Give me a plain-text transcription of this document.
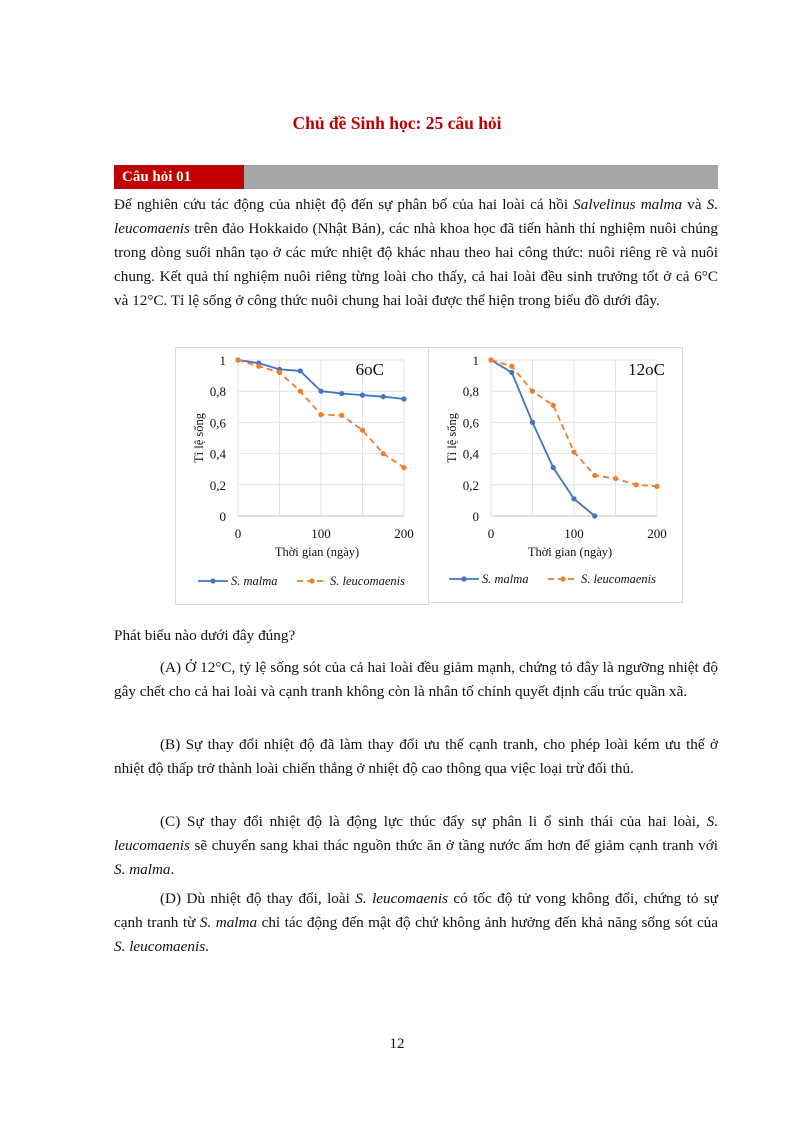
Chủ đề Sinh học: 25 câu hỏi
Câu hỏi 01

Để nghiên cứu tác động của nhiệt độ đến sự phân bố của hai loài cá hồi Salvelinus malma và S. leucomaenis trên đảo Hokkaido (Nhật Bản), các nhà khoa học đã tiến hành thí nghiệm nuôi chúng trong dòng suối nhân tạo ở các mức nhiệt độ khác nhau theo hai công thức: nuôi riêng rẽ và nuôi chung. Kết quả thí nghiệm nuôi riêng từng loài cho thấy, cả hai loài đều sinh trưởng tốt ở cả 6°C và 12°C. Tỉ lệ sống ở công thức nuôi chung hai loài được thể hiện trong biểu đồ dưới đây.

0
0,2
0,4
0,6
0,8
1
0	100	200
Thời gian (ngày)
Tỉ lệ sống
6oC
S. malma	S. leucomaenis
0
0,2
0,4
0,6
0,8
1
0	100	200
Thời gian (ngày)
Tỉ lệ sống
12oC
S. malma	S. leucomaenis

Phát biểu nào dưới đây đúng?

(A) Ở 12°C, tỷ lệ sống sót của cả hai loài đều giảm mạnh, chứng tỏ đây là ngưỡng nhiệt độ gây chết cho cả hai loài và cạnh tranh không còn là nhân tố chính quyết định cấu trúc quần xã.

(B) Sự thay đổi nhiệt độ đã làm thay đổi ưu thế cạnh tranh, cho phép loài kém ưu thế ở nhiệt độ thấp trở thành loài chiến thắng ở nhiệt độ cao thông qua việc loại trừ đối thủ.

(C) Sự thay đổi nhiệt độ là động lực thúc đẩy sự phân li ổ sinh thái của hai loài, S. leucomaenis sẽ chuyển sang khai thác nguồn thức ăn ở tầng nước ấm hơn để giảm cạnh tranh với S. malma.

(D) Dù nhiệt độ thay đổi, loài S. leucomaenis có tốc độ tử vong không đổi, chứng tỏ sự cạnh tranh từ S. malma chỉ tác động đến mật độ chứ không ảnh hưởng đến khả năng sống sót của S. leucomaenis.

12
